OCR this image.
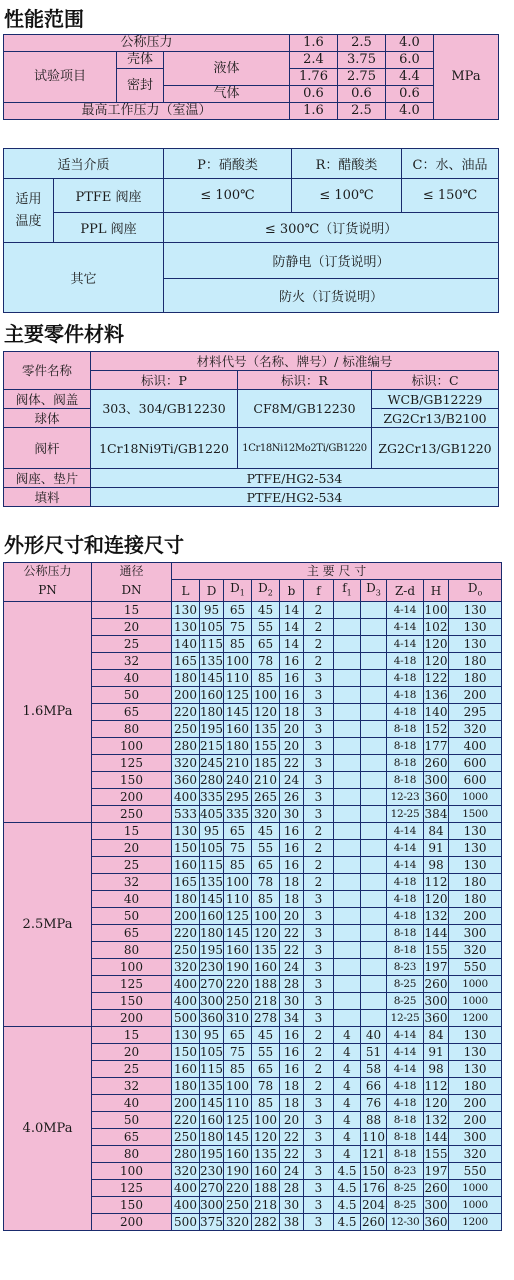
性能范围
公称压力			1.6	2.5	4.0	MPa
试验项目	壳体	液体	2.4	3.75	6.0	
	密封		1.76	2.75	4.4	
		气体	0.6	0.6	0.6	
最高工作压力（室温）			1.6	2.5	4.0	
适当介质		P：硝酸类	R：醋酸类	C：水、油品
适用温度	PTFE 阀座	≤ 100℃	≤ 100℃	≤ 150℃
	PPL 阀座	≤ 300℃（订货说明）		
其它		防静电（订货说明）		
		防火（订货说明）		
主要零件材料
零件名称	材料代号（名称、牌号）/ 标准编号		
	标识：P	标识：R	标识：C
阀体、阀盖	303、304/GB12230	CF8M/GB12230	WCB/GB12229
球体			ZG2Cr13/B2100
阀杆	1Cr18Ni9Ti/GB1220	1Cr18Ni12Mo2Ti/GB1220	ZG2Cr13/GB1220
阀座、垫片	PTFE/HG2-534		
填料	PTFE/HG2-534		
外形尺寸和连接尺寸
公称压力	通径	主 要 尺 寸										
PN	DN	L	D	$D_1$	$D_2$	b	f	$f_1$	$D_3$	Z-d	H	$D_o$
1.6MPa	15	130	95	65	45	14	2			4-14	100	130
	20	130	105	75	55	14	2			4-14	102	130
	25	140	115	85	65	14	2			4-14	120	130
	32	165	135	100	78	16	2			4-18	120	180
	40	180	145	110	85	16	3			4-18	122	180
	50	200	160	125	100	16	3			4-18	136	200
	65	220	180	145	120	18	3			4-18	140	295
	80	250	195	160	135	20	3			8-18	152	320
	100	280	215	180	155	20	3			8-18	177	400
	125	320	245	210	185	22	3			8-18	260	600
	150	360	280	240	210	24	3			8-18	300	600
	200	400	335	295	265	26	3			12-23	360	1000
	250	533	405	335	320	30	3			12-25	384	1500
2.5MPa	15	130	95	65	45	16	2			4-14	84	130
	20	150	105	75	55	16	2			4-14	91	130
	25	160	115	85	65	16	2			4-14	98	130
	32	165	135	100	78	18	2			4-18	112	180
	40	180	145	110	85	18	3			4-18	120	180
	50	200	160	125	100	20	3			4-18	132	200
	65	220	180	145	120	22	3			8-18	144	300
	80	250	195	160	135	22	3			8-18	155	320
	100	320	230	190	160	24	3			8-23	197	550
	125	400	270	220	188	28	3			8-25	260	1000
	150	400	300	250	218	30	3			8-25	300	1000
	200	500	360	310	278	34	3			12-25	360	1200
4.0MPa	15	130	95	65	45	16	2	4	40	4-14	84	130
	20	150	105	75	55	16	2	4	51	4-14	91	130
	25	160	115	85	65	16	2	4	58	4-14	98	130
	32	180	135	100	78	18	2	4	66	4-18	112	180
	40	200	145	110	85	18	3	4	76	4-18	120	200
	50	220	160	125	100	20	3	4	88	8-18	132	200
	65	250	180	145	120	22	3	4	110	8-18	144	300
	80	280	195	160	135	22	3	4	121	8-18	155	320
	100	320	230	190	160	24	3	4.5	150	8-23	197	550
	125	400	270	220	188	28	3	4.5	176	8-25	260	1000
	150	400	300	250	218	30	3	4.5	204	8-25	300	1000
	200	500	375	320	282	38	3	4.5	260	12-30	360	1200
